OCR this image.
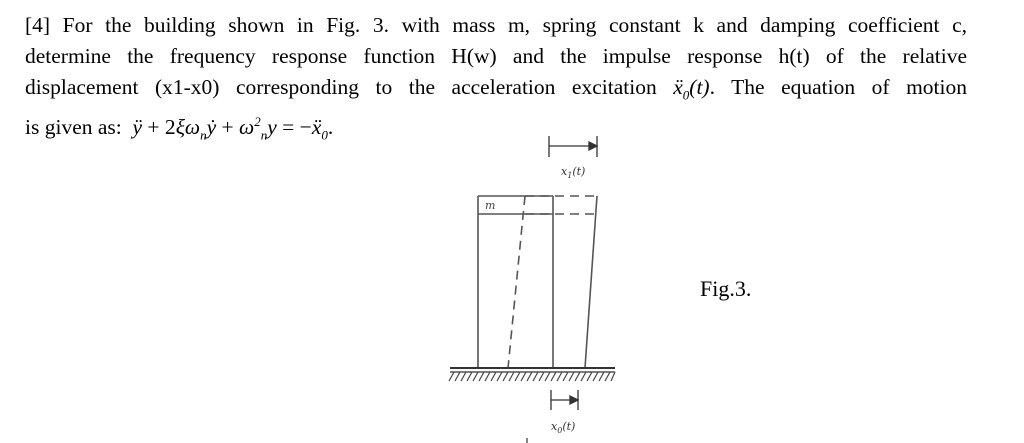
[4] For the building shown in Fig. 3. with mass m, spring constant k and damping coefficient c,
determine the frequency response function H(w) and the impulse response h(t) of the relative
displacement (x1-x0) corresponding to the acceleration excitation ẍ$_0$(t). The equation of motion
is given as:  ÿ + $2\xi\omega_nẏ + \omega^2_ny$ = −ẍ$_0$.
$x_1(t)$
m
$x_0(t)$
Fig.3.
